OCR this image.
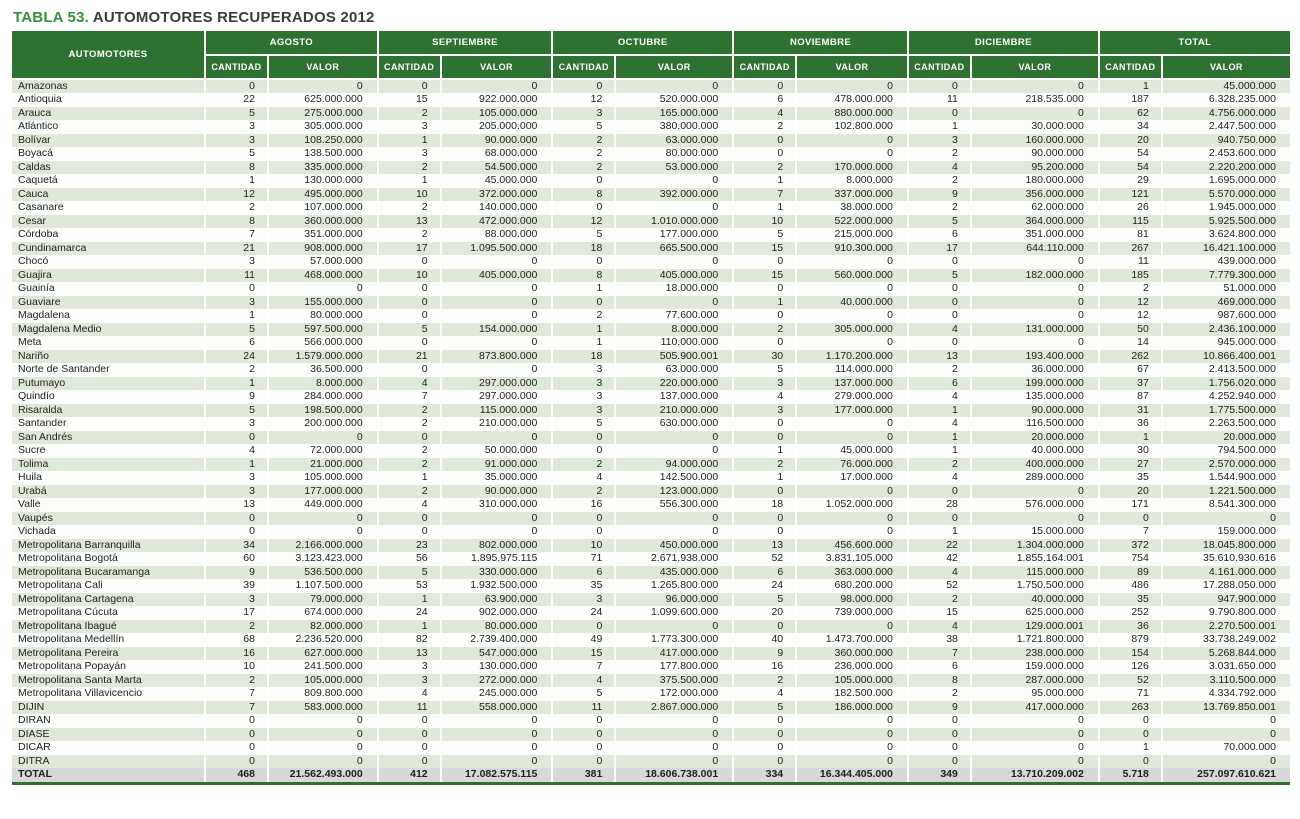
TABLA 53. AUTOMOTORES RECUPERADOS 2012
AUTOMOTORES	AGOSTO		SEPTIEMBRE		OCTUBRE		NOVIEMBRE		DICIEMBRE		TOTAL	
	CANTIDAD	VALOR	CANTIDAD	VALOR	CANTIDAD	VALOR	CANTIDAD	VALOR	CANTIDAD	VALOR	CANTIDAD	VALOR
Amazonas	0	0	0	0	0	0	0	0	0	0	1	45.000.000
Antioquia	22	625.000.000	15	922.000.000	12	520.000.000	6	478.000.000	11	218.535.000	187	6.328.235.000
Arauca	5	275.000.000	2	105.000.000	3	165.000.000	4	880.000.000	0	0	62	4.756.000.000
Atlántico	3	305.000.000	3	205.000.000	5	380.000.000	2	102.800.000	1	30.000.000	34	2.447.500.000
Bolívar	3	108.250.000	1	90.000.000	2	63.000.000	0	0	3	160.000.000	20	940.750.000
Boyacá	5	138.500.000	3	68.000.000	2	80.000.000	0	0	2	90.000.000	54	2.453.600.000
Caldas	8	335.000.000	2	54.500.000	2	53.000.000	2	170.000.000	4	95.200.000	54	2.220.200.000
Caquetá	1	130.000.000	1	45.000.000	0	0	1	8.000.000	2	180.000.000	29	1.695.000.000
Cauca	12	495.000.000	10	372.000.000	8	392.000.000	7	337.000.000	9	356.000.000	121	5.570.000.000
Casanare	2	107.000.000	2	140.000.000	0	0	1	38.000.000	2	62.000.000	26	1.945.000.000
Cesar	8	360.000.000	13	472.000.000	12	1.010.000.000	10	522.000.000	5	364.000.000	115	5.925.500.000
Córdoba	7	351.000.000	2	88.000.000	5	177.000.000	5	215.000.000	6	351.000.000	81	3.624.800.000
Cundinamarca	21	908.000.000	17	1.095.500.000	18	665.500.000	15	910.300.000	17	644.110.000	267	16.421.100.000
Chocó	3	57.000.000	0	0	0	0	0	0	0	0	11	439.000.000
Guajira	11	468.000.000	10	405.000.000	8	405.000.000	15	560.000.000	5	182.000.000	185	7.779.300.000
Guainía	0	0	0	0	1	18.000.000	0	0	0	0	2	51.000.000
Guaviare	3	155.000.000	0	0	0	0	1	40.000.000	0	0	12	469.000.000
Magdalena	1	80.000.000	0	0	2	77.600.000	0	0	0	0	12	987.600.000
Magdalena Medio	5	597.500.000	5	154.000.000	1	8.000.000	2	305.000.000	4	131.000.000	50	2.436.100.000
Meta	6	566.000.000	0	0	1	110.000.000	0	0	0	0	14	945.000.000
Nariño	24	1.579.000.000	21	873.800.000	18	505.900.001	30	1.170.200.000	13	193.400.000	262	10.866.400.001
Norte de Santander	2	36.500.000	0	0	3	63.000.000	5	114.000.000	2	36.000.000	67	2.413.500.000
Putumayo	1	8.000.000	4	297.000.000	3	220.000.000	3	137.000.000	6	199.000.000	37	1.756.020.000
Quindío	9	284.000.000	7	297.000.000	3	137.000.000	4	279.000.000	4	135.000.000	87	4.252.940.000
Risaralda	5	198.500.000	2	115.000.000	3	210.000.000	3	177.000.000	1	90.000.000	31	1.775.500.000
Santander	3	200.000.000	2	210.000.000	5	630.000.000	0	0	4	116.500.000	36	2.263.500.000
San Andrés	0	0	0	0	0	0	0	0	1	20.000.000	1	20.000.000
Sucre	4	72.000.000	2	50.000.000	0	0	1	45.000.000	1	40.000.000	30	794.500.000
Tolima	1	21.000.000	2	91.000.000	2	94.000.000	2	76.000.000	2	400.000.000	27	2.570.000.000
Huila	3	105.000.000	1	35.000.000	4	142.500.000	1	17.000.000	4	289.000.000	35	1.544.900.000
Urabá	3	177.000.000	2	90.000.000	2	123.000.000	0	0	0	0	20	1.221.500.000
Valle	13	449.000.000	4	310.000.000	16	556.300.000	18	1.052.000.000	28	576.000.000	171	8.541.300.000
Vaupés	0	0	0	0	0	0	0	0	0	0	0	0
Vichada	0	0	0	0	0	0	0	0	1	15.000.000	7	159.000.000
Metropolitana Barranquilla	34	2.166.000.000	23	802.000.000	10	450.000.000	13	456.600.000	22	1.304.000.000	372	18.045.800.000
Metropolitana Bogotá	60	3.123.423.000	56	1.895.975.115	71	2.671.938.000	52	3.831.105.000	42	1.855.164.001	754	35.610.930.616
Metropolitana Bucaramanga	9	536.500.000	5	330.000.000	6	435.000.000	6	363.000.000	4	115.000.000	89	4.161.000.000
Metropolitana Cali	39	1.107.500.000	53	1.932.500.000	35	1.265.800.000	24	680.200.000	52	1.750.500.000	486	17.288.050.000
Metropolitana Cartagena	3	79.000.000	1	63.900.000	3	96.000.000	5	98.000.000	2	40.000.000	35	947.900.000
Metropolitana Cúcuta	17	674.000.000	24	902.000.000	24	1.099.600.000	20	739.000.000	15	625.000.000	252	9.790.800.000
Metropolitana Ibagué	2	82.000.000	1	80.000.000	0	0	0	0	4	129.000.001	36	2.270.500.001
Metropolitana Medellín	68	2.236.520.000	82	2.739.400.000	49	1.773.300.000	40	1.473.700.000	38	1.721.800.000	879	33.738.249.002
Metropolitana Pereira	16	627.000.000	13	547.000.000	15	417.000.000	9	360.000.000	7	238.000.000	154	5.268.844.000
Metropolitana Popayán	10	241.500.000	3	130.000.000	7	177.800.000	16	236.000.000	6	159.000.000	126	3.031.650.000
Metropolitana Santa Marta	2	105.000.000	3	272.000.000	4	375.500.000	2	105.000.000	8	287.000.000	52	3.110.500.000
Metropolitana Villavicencio	7	809.800.000	4	245.000.000	5	172.000.000	4	182.500.000	2	95.000.000	71	4.334.792.000
DIJIN	7	583.000.000	11	558.000.000	11	2.867.000.000	5	186.000.000	9	417.000.000	263	13.769.850.001
DIRAN	0	0	0	0	0	0	0	0	0	0	0	0
DIASE	0	0	0	0	0	0	0	0	0	0	0	0
DICAR	0	0	0	0	0	0	0	0	0	0	1	70.000.000
DITRA	0	0	0	0	0	0	0	0	0	0	0	0
TOTAL	468	21.562.493.000	412	17.082.575.115	381	18.606.738.001	334	16.344.405.000	349	13.710.209.002	5.718	257.097.610.621
